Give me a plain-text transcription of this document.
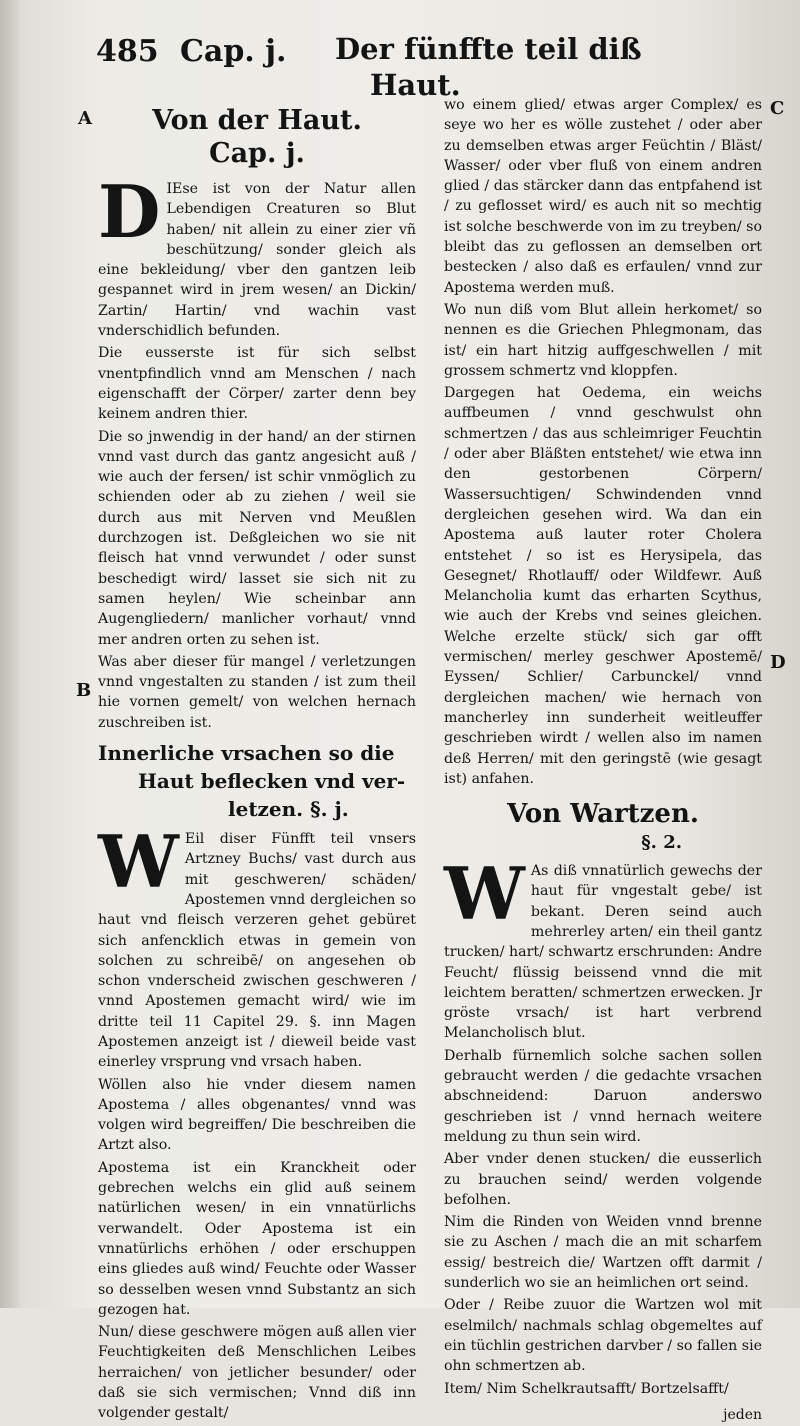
485 Cap. j. Der fünffte teil diß
Haut.
A
B
C
D
Von der Haut.
Cap. j.

D IEse ist von der Natur allen Lebendigen Creaturen so Blut haben/ nit allein zu einer zier vñ beschützung/ sonder gleich als eine bekleidung/ vber den gantzen leib gespannet wird in jrem wesen/ an Dickin/ Zartin/ Hartin/ vnd wachin vast vnderschidlich befunden.

Die eusserste ist für sich selbst vnentpfindlich vnnd am Menschen / nach eigenschafft der Cörper/ zarter denn bey keinem andren thier.

Die so jnwendig in der hand/ an der stirnen vnnd vast durch das gantz angesicht auß / wie auch der fersen/ ist schir vnmöglich zu schienden oder ab zu ziehen / weil sie durch aus mit Nerven vnd Meußlen durchzogen ist. Deßgleichen wo sie nit fleisch hat vnnd verwundet / oder sunst beschedigt wird/ lasset sie sich nit zu samen heylen/ Wie scheinbar ann Augengliedern/ manlicher vorhaut/ vnnd mer andren orten zu sehen ist.

Was aber dieser für mangel / verletzungen vnnd vngestalten zu standen / ist zum theil hie vornen gemelt/ von welchen hernach zuschreiben ist.

Innerliche vrsachen so die
Haut beflecken vnd ver-
letzen. §. j.

W Eil diser Fünfft teil vnsers Artzney Buchs/ vast durch aus mit geschweren/ schäden/ Apostemen vnnd dergleichen so haut vnd fleisch verzeren gehet gebüret sich anfencklich etwas in gemein von solchen zu schreibē/ on angesehen ob schon vnderscheid zwischen geschweren / vnnd Apostemen gemacht wird/ wie im dritte teil 11 Capitel 29. §. inn Magen Apostemen anzeigt ist / dieweil beide vast einerley vrsprung vnd vrsach haben.

Wöllen also hie vnder diesem namen Apostema / alles obgenantes/ vnnd was volgen wird begreiffen/ Die beschreiben die Artzt also.

Apostema ist ein Kranckheit oder gebrechen welchs ein glid auß seinem natürlichen wesen/ in ein vnnatürlichs verwandelt. Oder Apostema ist ein vnnatürlichs erhöhen / oder erschuppen eins gliedes auß wind/ Feuchte oder Wasser so desselben wesen vnnd Substantz an sich gezogen hat.

Nun/ diese geschwere mögen auß allen vier Feuchtigkeiten deß Menschlichen Leibes herraichen/ von jetlicher besunder/ oder daß sie sich vermischen; Vnnd diß inn volgender gestalt/

wo einem glied/ etwas arger Complex/ es seye wo her es wölle zustehet / oder aber zu demselben etwas arger Feüchtin / Bläst/ Wasser/ oder vber fluß von einem andren glied / das stärcker dann das entpfahend ist / zu geflosset wird/ es auch nit so mechtig ist solche beschwerde von im zu treyben/ so bleibt das zu geflossen an demselben ort bestecken / also daß es erfaulen/ vnnd zur Apostema werden muß.

Wo nun diß vom Blut allein herkomet/ so nennen es die Griechen Phlegmonam, das ist/ ein hart hitzig auffgeschwellen / mit grossem schmertz vnd kloppfen.

Dargegen hat Oedema, ein weichs auffbeumen / vnnd geschwulst ohn schmertzen / das aus schleimriger Feuchtin / oder aber Bläßten entstehet/ wie etwa inn den gestorbenen Cörpern/ Wassersuchtigen/ Schwindenden vnnd dergleichen gesehen wird. Wa dan ein Apostema auß lauter roter Cholera entstehet / so ist es Herysipela, das Gesegnet/ Rhotlauff/ oder Wildfewr. Auß Melancholia kumt das erharten Scythus, wie auch der Krebs vnd seines gleichen. Welche erzelte stück/ sich gar offt vermischen/ merley geschwer Apostemē/ Eyssen/ Schlier/ Carbunckel/ vnnd dergleichen machen/ wie hernach von mancherley inn sunderheit weitleuffer geschrieben wirdt / wellen also im namen deß Herren/ mit den geringstē (wie gesagt ist) anfahen.

Von Wartzen.
§. 2.

W As diß vnnatürlich gewechs der haut für vngestalt gebe/ ist bekant. Deren seind auch mehrerley arten/ ein theil gantz trucken/ hart/ schwartz erschrunden: Andre Feucht/ flüssig beissend vnnd die mit leichtem beratten/ schmertzen erwecken. Jr gröste vrsach/ ist hart verbrend Melancholisch blut.

Derhalb fürnemlich solche sachen sollen gebraucht werden / die gedachte vrsachen abschneidend: Daruon anderswo geschrieben ist / vnnd hernach weitere meldung zu thun sein wird.

Aber vnder denen stucken/ die eusserlich zu brauchen seind/ werden volgende befolhen.

Nim die Rinden von Weiden vnnd brenne sie zu Aschen / mach die an mit scharfem essig/ bestreich die/ Wartzen offt darmit / sunderlich wo sie an heimlichen ort seind.

Oder / Reibe zuuor die Wartzen wol mit eselmilch/ nachmals schlag obgemeltes auf ein tüchlin gestrichen darvber / so fallen sie ohn schmertzen ab.

Item/ Nim Schelkrautsafft/ Bortzelsafft/

jeden
